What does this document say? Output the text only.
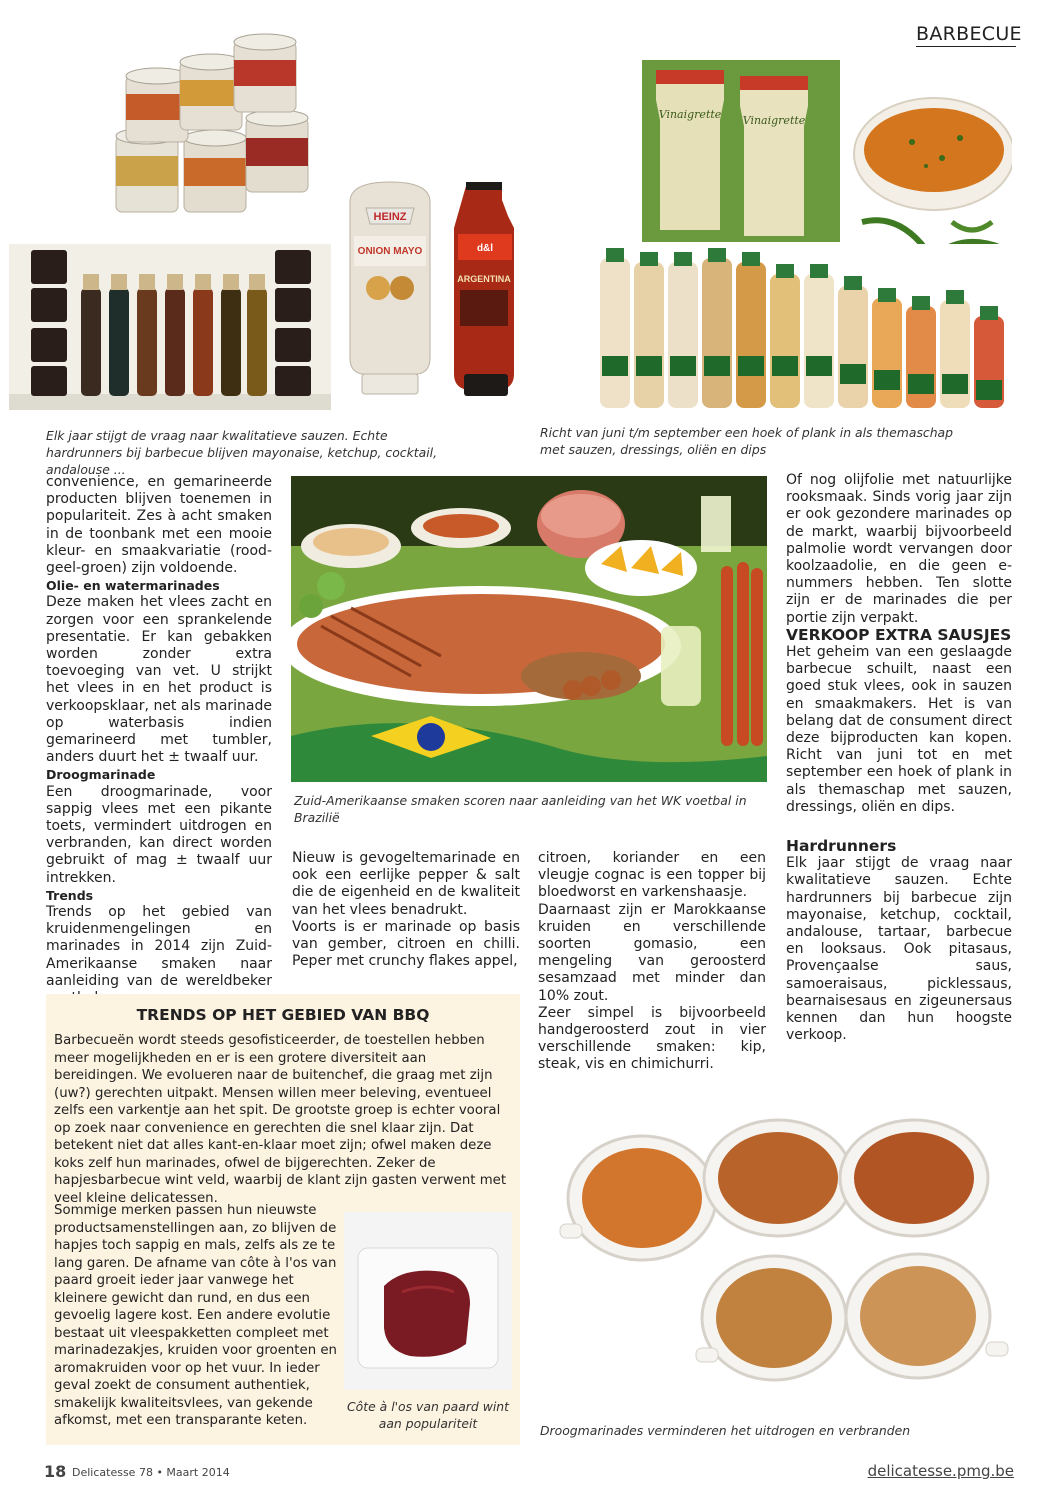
BARBECUE
HEINZ
ONION MAYO	d&l
ARGENTINA
Vinaigrette Vinaigrette
Elk jaar stijgt de vraag naar kwalitatieve sauzen. Echte hardrunners bij barbecue blijven mayonaise, ketchup, cocktail, andalouse ...
Richt van juni t/m september een hoek of plank in als themaschap met sauzen, dressings, oliën en dips

convenience, en gemarineerde producten blijven toenemen in populariteit. Zes à acht smaken in de toonbank met een mooie kleur- en smaakvariatie (rood-geel-groen) zijn voldoende.

Olie- en watermarinades

Deze maken het vlees zacht en zorgen voor een sprankelende presentatie. Er kan gebakken worden zonder extra toevoeging van vet. U strijkt het vlees in en het product is verkoopsklaar, net als marinade op waterbasis indien gemarineerd met tumbler, anders duurt het ± twaalf uur.

Droogmarinade

Een droogmarinade, voor sappig vlees met een pikante toets, vermindert uitdrogen en verbranden, kan direct worden gebruikt of mag ± twaalf uur intrekken.

Trends

Trends op het gebied van kruidenmengelingen en marinades in 2014 zijn Zuid-Amerikaanse smaken naar aanleiding van de wereldbeker

Zuid-Amerikaanse smaken scoren naar aanleiding van het WK voetbal in Brazilië

Nieuw is gevogeltemarinade en ook een eerlijke pepper & salt die de eigenheid en de kwaliteit van het vlees benadrukt.

Voorts is er marinade op basis van gember, citroen en chilli. Peper met crunchy flakes appel,

citroen, koriander en een vleugje cognac is een topper bij bloedworst en varkenshaasje.

Daarnaast zijn er Marokkaanse kruiden en verschillende soorten gomasio, een mengeling van geroosterd sesamzaad met minder dan 10% zout.

Zeer simpel is bijvoorbeeld handgeroosterd zout in vier verschillende smaken: kip, steak, vis en chimichurri.

Of nog olijfolie met natuurlijke rooksmaak. Sinds vorig jaar zijn er ook gezondere marinades op de markt, waarbij bijvoorbeeld palmolie wordt vervangen door koolzaadolie, en die geen e-nummers hebben. Ten slotte zijn er de marinades die per portie zijn verpakt.

VERKOOP EXTRA SAUSJES

Het geheim van een geslaagde barbecue schuilt, naast een goed stuk vlees, ook in sauzen en smaakmakers. Het is van belang dat de consument direct deze bijproducten kan kopen. Richt van juni tot en met september een hoek of plank in als themaschap met sauzen, dressings, oliën en dips.

Hardrunners

Elk jaar stijgt de vraag naar kwalitatieve sauzen. Echte hardrunners bij barbecue zijn mayonaise, ketchup, cocktail, andalouse, tartaar, barbecue en looksaus. Ook pitasaus, Provençaalse saus, samoeraisaus, picklessaus, bearnaisesaus en zigeunersaus kennen dan hun hoogste verkoop.

TRENDS OP HET GEBIED VAN BBQ
Barbecueën wordt steeds gesofisticeerder, de toestellen hebben meer mogelijkheden en er is een grotere diversiteit aan bereidingen. We evolueren naar de buitenchef, die graag met zijn (uw?) gerechten uitpakt. Mensen willen meer beleving, eventueel zelfs een varkentje aan het spit. De grootste groep is echter vooral op zoek naar convenience en gerechten die snel klaar zijn. Dat betekent niet dat alles kant-en-klaar moet zijn; ofwel maken deze koks zelf hun marinades, ofwel de bijgerechten. Zeker de hapjesbarbecue wint veld, waarbij de klant zijn gasten verwent met veel kleine delicatessen.
Sommige merken passen hun nieuwste productsamenstellingen aan, zo blijven de hapjes toch sappig en mals, zelfs als ze te lang garen. De afname van côte à l'os van paard groeit ieder jaar vanwege het kleinere gewicht dan rund, en dus een gevoelig lagere kost. Een andere evolutie bestaat uit vleespakketten compleet met marinadezakjes, kruiden voor groenten en aromakruiden voor op het vuur. In ieder geval zoekt de consument authentiek, smakelijk kwaliteitsvlees, van gekende afkomst, met een transparante keten.
Côte à l'os van paard wint aan populariteit	Droogmarinades verminderen het uitdrogen en verbranden
18 Delicatesse 78 • Maart 2014	delicatesse.pmg.be
